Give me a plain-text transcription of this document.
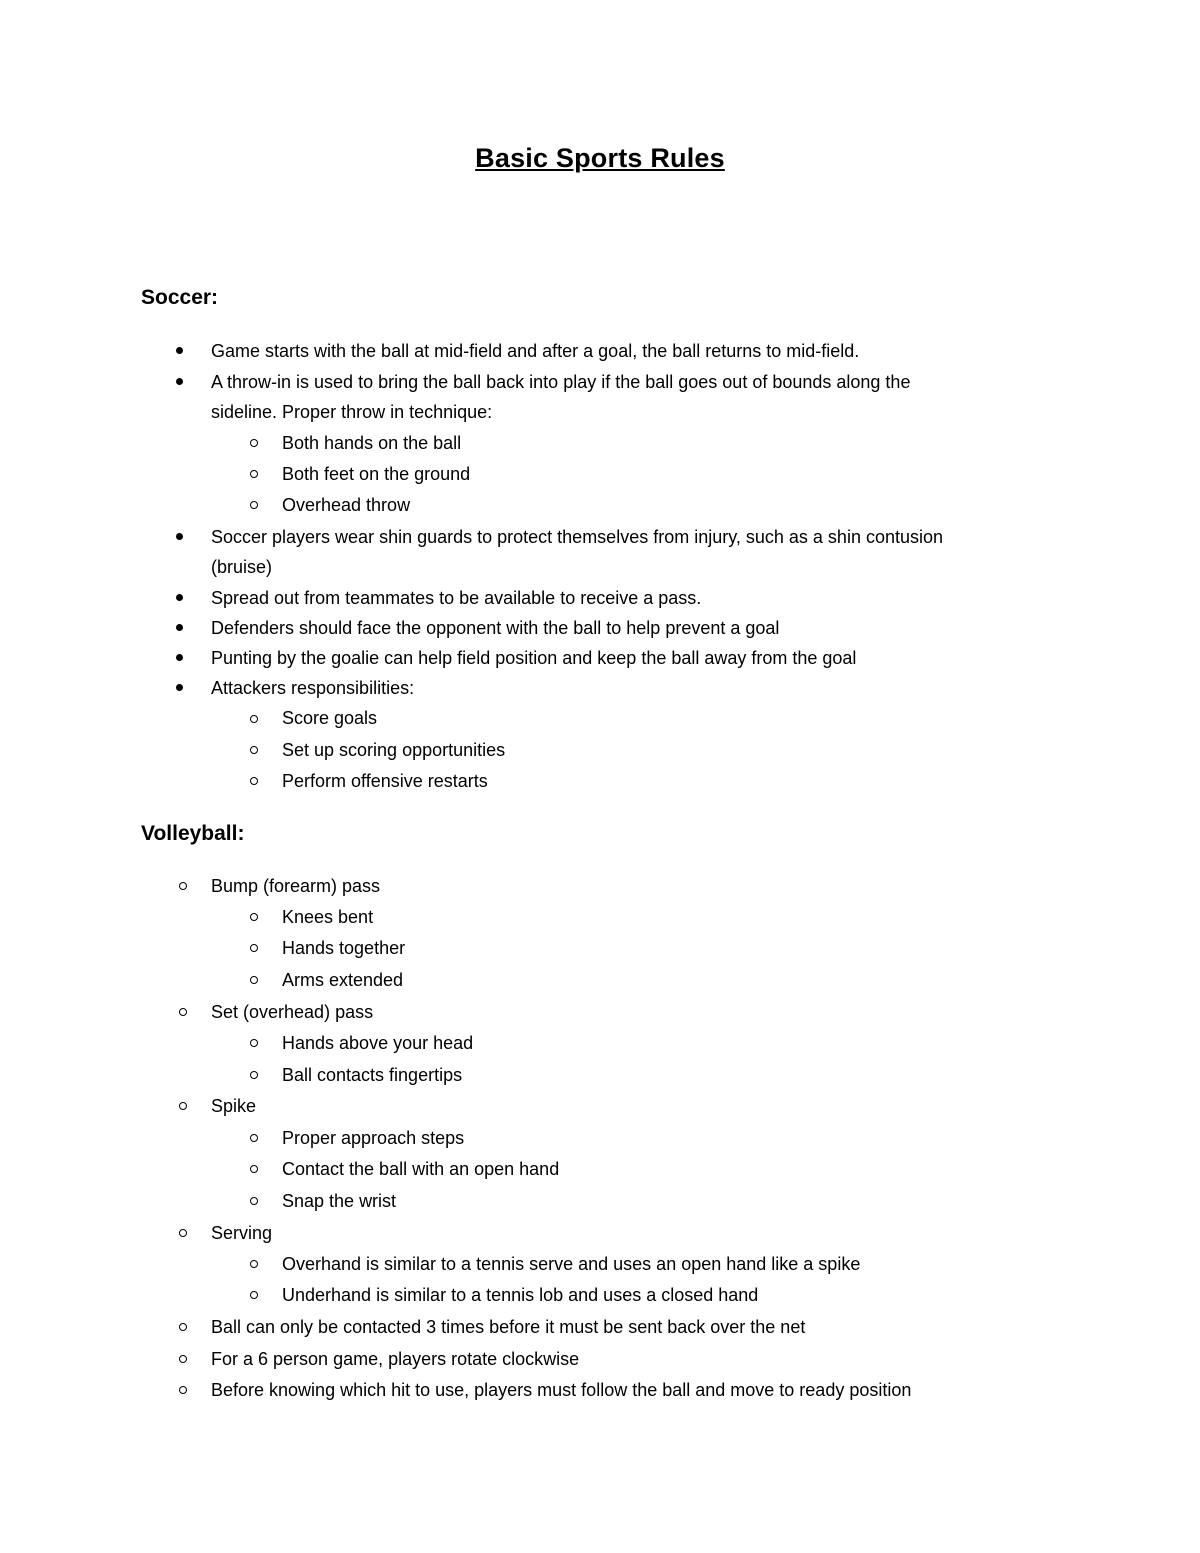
Basic Sports Rules
Soccer:
Game starts with the ball at mid-field and after a goal, the ball returns to mid-field.
A throw-in is used to bring the ball back into play if the ball goes out of bounds along the
sideline. Proper throw in technique:
Both hands on the ball
Both feet on the ground
Overhead throw
Soccer players wear shin guards to protect themselves from injury, such as a shin contusion
(bruise)
Spread out from teammates to be available to receive a pass.
Defenders should face the opponent with the ball to help prevent a goal
Punting by the goalie can help field position and keep the ball away from the goal
Attackers responsibilities:
Score goals
Set up scoring opportunities
Perform offensive restarts
Volleyball:
Bump (forearm) pass
Knees bent
Hands together
Arms extended
Set (overhead) pass
Hands above your head
Ball contacts fingertips
Spike
Proper approach steps
Contact the ball with an open hand
Snap the wrist
Serving
Overhand is similar to a tennis serve and uses an open hand like a spike
Underhand is similar to a tennis lob and uses a closed hand
Ball can only be contacted 3 times before it must be sent back over the net
For a 6 person game, players rotate clockwise
Before knowing which hit to use, players must follow the ball and move to ready position
